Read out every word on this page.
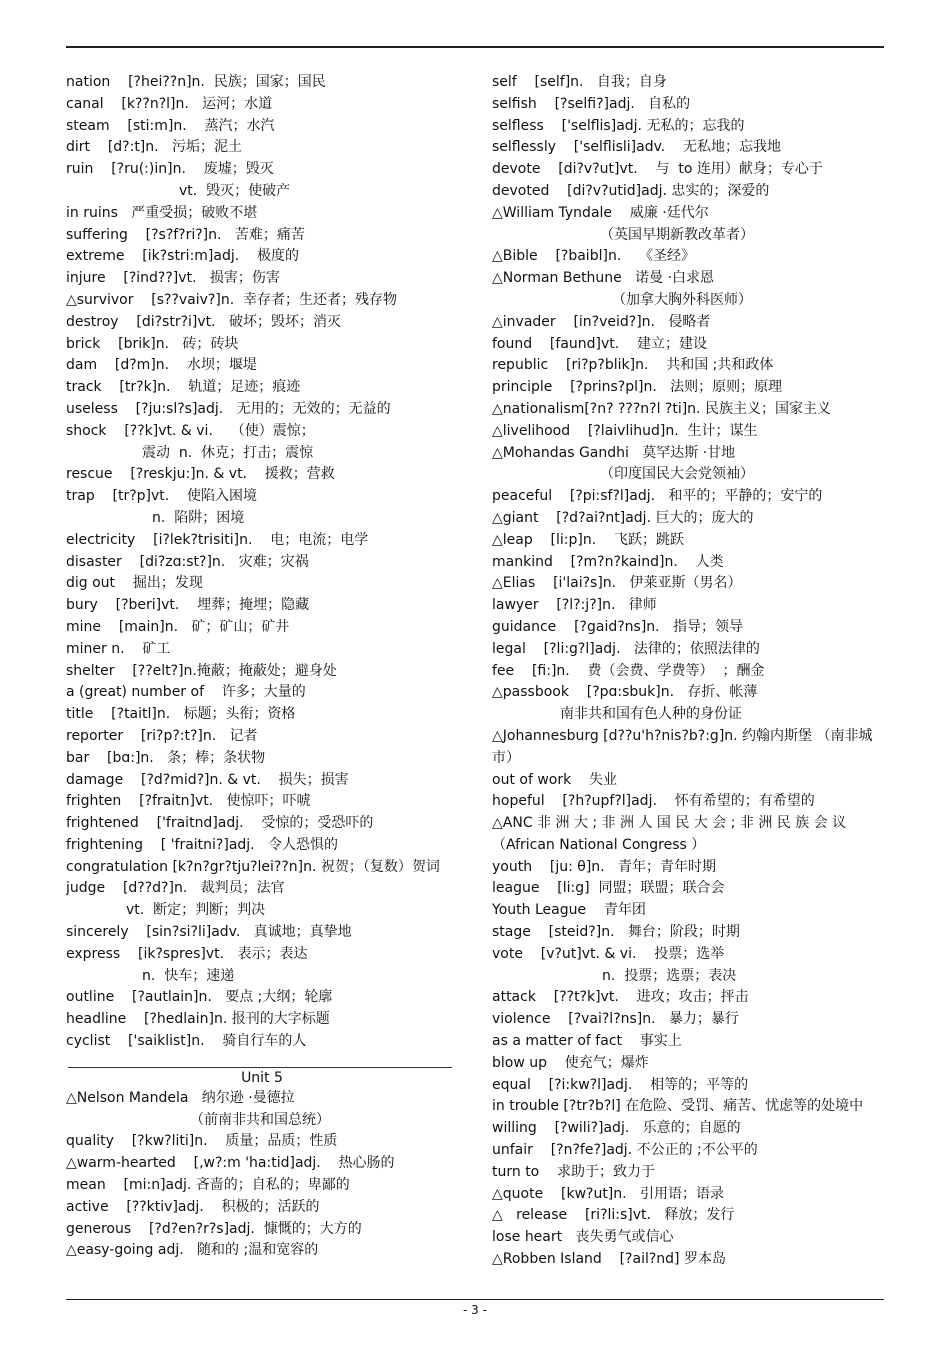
nation    [?hei??n]n.  民族；国家；国民
canal    [k??n?l]n.   运河；水道
steam    [sti:m]n.    蒸汽；水汽
dirt    [d?:t]n.   污垢；泥土
ruin    [?ru(:)in]n.    废墟；毁灭
vt.  毁灭；使破产
in ruins   严重受损；破败不堪
suffering    [?s?f?ri?]n.   苦难；痛苦
extreme    [ik?stri:m]adj.    极度的
injure    [?ind??]vt.   损害；伤害
△survivor    [s??vaiv?]n.  幸存者；生还者；残存物
destroy    [di?str?i]vt.   破坏；毁坏；消灭
brick    [brik]n.   砖；砖块
dam    [d?m]n.    水坝；堰堤
track    [tr?k]n.    轨道；足迹；痕迹
useless    [?ju:sl?s]adj.   无用的；无效的；无益的
shock    [??k]vt. & vi.    （使）震惊；
震动  n.  休克；打击；震惊
rescue    [?reskju:]n. & vt.    援救；营救
trap    [tr?p]vt.    使陷入困境
n.  陷阱；困境
electricity    [i?lek?trisiti]n.    电；电流；电学
disaster    [di?zɑ:st?]n.   灾难；灾祸
dig out    掘出；发现
bury    [?beri]vt.    埋葬；掩埋；隐藏
mine    [main]n.   矿；矿山；矿井
miner n.    矿工
shelter    [??elt?]n.掩蔽；掩蔽处；避身处
a (great) number of    许多；大量的
title    [?taitl]n.   标题；头衔；资格
reporter    [ri?p?:t?]n.   记者
bar    [bɑ:]n.   条；棒；条状物
damage    [?d?mid?]n. & vt.    损失；损害
frighten    [?fraitn]vt.   使惊吓；吓唬
frightened    ['fraitnd]adj.    受惊的；受恐吓的
frightening    [ 'fraitni?]adj.   令人恐惧的
congratulation [k?n?gr?tju?lei??n]n. 祝贺；（复数）贺词
judge    [d??d?]n.   裁判员；法官
vt.  断定；判断；判决
sincerely    [sin?si?li]adv.   真诚地；真挚地
express    [ik?spres]vt.   表示；表达
n.  快车；速递
outline    [?autlain]n.   要点 ;大纲；轮廓
headline    [?hedlain]n. 报刊的大字标题
cyclist    ['saiklist]n.    骑自行车的人
Unit 5
△Nelson Mandela   纳尔逊 ·曼德拉
（前南非共和国总统）
quality    [?kw?liti]n.    质量；品质；性质
△warm-hearted    [,w?:m 'ha:tid]adj.    热心肠的
mean    [mi:n]adj. 吝啬的；自私的；卑鄙的
active    [??ktiv]adj.    积极的；活跃的
generous    [?d?en?r?s]adj.  慷慨的；大方的
△easy-going adj.   随和的 ;温和宽容的
self    [self]n.   自我；自身
selfish    [?selfi?]adj.   自私的
selfless    ['selflis]adj. 无私的；忘我的
selflessly    ['selflisli]adv.    无私地；忘我地
devote    [di?v?ut]vt.    与  to 连用）献身；专心于
devoted    [di?v?utid]adj. 忠实的；深爱的
△William Tyndale    威廉 ·廷代尔
（英国早期新教改革者）
△Bible    [?baibl]n.    《圣经》
△Norman Bethune   诺曼 ·白求恩
（加拿大胸外科医师）
△invader    [in?veid?]n.   侵略者
found    [faund]vt.    建立；建设
republic    [ri?p?blik]n.    共和国 ;共和政体
principle    [?prins?pl]n.   法则；原则；原理
△nationalism[?n? ???n?l ?ti]n. 民族主义；国家主义
△livelihood    [?laivlihud]n.  生计；谋生
△Mohandas Gandhi   莫罕达斯 ·甘地
（印度国民大会党领袖）
peaceful    [?pi:sf?l]adj.   和平的；平静的；安宁的
△giant    [?d?ai?nt]adj. 巨大的；庞大的
△leap    [li:p]n.    飞跃；跳跃
mankind    [?m?n?kaind]n.    人类
△Elias    [i'lai?s]n.   伊莱亚斯（男名）
lawyer    [?l?:j?]n.   律师
guidance    [?gaid?ns]n.   指导；领导
legal    [?li:g?l]adj.   法律的；依照法律的
fee    [fi:]n.    费（会费、学费等）  ；酬金
△passbook    [?pɑ:sbuk]n.   存折、帐薄
南非共和国有色人种的身份证
△Johannesburg [d??u'h?nis?b?:g]n. 约翰内斯堡 （南非城市）
out of work    失业
hopeful    [?h?upf?l]adj.    怀有希望的；有希望的
△ANC 非 洲 大 ; 非 洲 人 国 民 大 会 ; 非 洲 民 族 会 议 （African National Congress ）
youth    [ju: θ]n.   青年；青年时期
league    [li:g]  同盟；联盟；联合会
Youth League    青年团
stage    [steid?]n.   舞台；阶段；时期
vote    [v?ut]vt. & vi.    投票；选举
n.  投票；选票；表决
attack    [??t?k]vt.    进攻；攻击；抨击
violence    [?vai?l?ns]n.   暴力；暴行
as a matter of fact    事实上
blow up    使充气；爆炸
equal    [?i:kw?l]adj.    相等的；平等的
in trouble [?tr?b?l] 在危险、受罚、痛苦、忧虑等的处境中
willing    [?wili?]adj.   乐意的；自愿的
unfair    [?n?fe?]adj. 不公正的 ;不公平的
turn to    求助于；致力于
△quote    [kw?ut]n.   引用语；语录
△   release    [ri?li:s]vt.   释放；发行
lose heart   丧失勇气或信心
△Robben Island    [?ail?nd] 罗本岛
- 3 -
